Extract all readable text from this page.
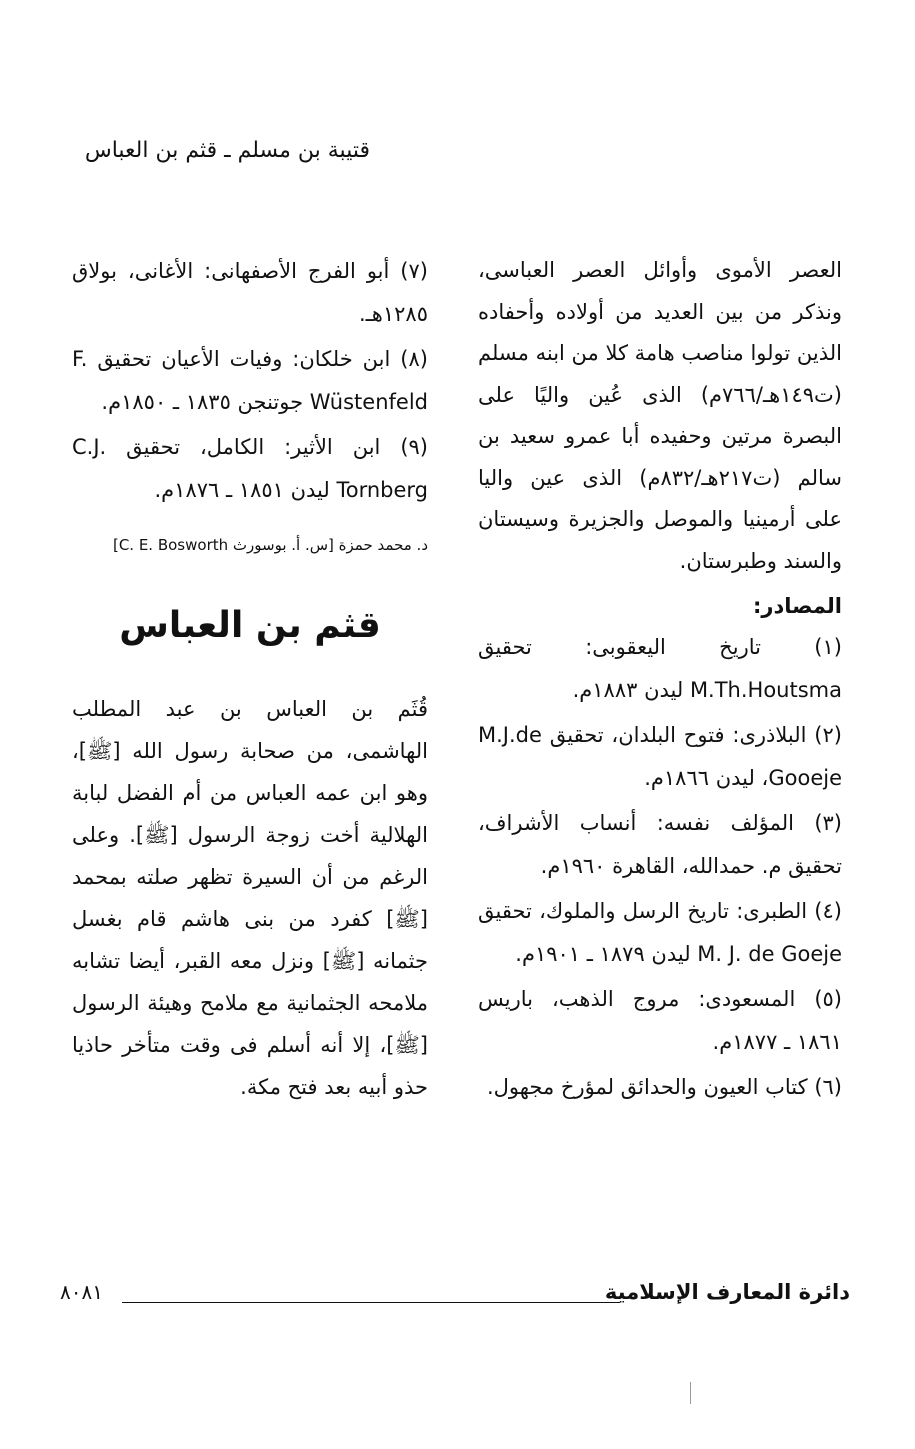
قتيبة بن مسلم ـ قثم بن العباس

العصر الأموى وأوائل العصر العباسى، ونذكر من بين العديد من أولاده وأحفاده الذين تولوا مناصب هامة كلا من ابنه مسلم (ت١٤٩هـ/٧٦٦م) الذى عُين واليًا على البصرة مرتين وحفيده أبا عمرو سعيد بن سالم (ت٢١٧هـ/٨٣٢م) الذى عين واليا على أرمينيا والموصل والجزيرة وسيستان والسند وطبرستان.

المصادر:

(١) تاريخ اليعقوبى: تحقيق M.Th.Houtsma ليدن ١٨٨٣م.

(٢) البلاذرى: فتوح البلدان، تحقيق M.J.de Gooeje، ليدن ١٨٦٦م.

(٣) المؤلف نفسه: أنساب الأشراف، تحقيق م. حمدالله، القاهرة ١٩٦٠م.

(٤) الطبرى: تاريخ الرسل والملوك، تحقيق M. J. de Goeje ليدن ١٨٧٩ ـ ١٩٠١م.

(٥) المسعودى: مروج الذهب، باريس ١٨٦١ ـ ١٨٧٧م.

(٦) كتاب العيون والحدائق لمؤرخ مجهول.

(٧) أبو الفرج الأصفهانى: الأغانى، بولاق ١٢٨٥هـ.

(٨) ابن خلكان: وفيات الأعيان تحقيق F. Wüstenfeld جوتنجن ١٨٣٥ ـ ١٨٥٠م.

(٩) ابن الأثير: الكامل، تحقيق C.J. Tornberg ليدن ١٨٥١ ـ ١٨٧٦م.

د. محمد حمزة [س. أ. بوسورث C. E. Bosworth]

قثم بن العباس

قُثَم بن العباس بن عبد المطلب الهاشمى، من صحابة رسول الله [ﷺ]، وهو ابن عمه العباس من أم الفضل لبابة الهلالية أخت زوجة الرسول [ﷺ]. وعلى الرغم من أن السيرة تظهر صلته بمحمد [ﷺ] كفرد من بنى هاشم قام بغسل جثمانه [ﷺ] ونزل معه القبر، أيضا تشابه ملامحه الجثمانية مع ملامح وهيئة الرسول [ﷺ]، إلا أنه أسلم فى وقت متأخر حاذيا حذو أبيه بعد فتح مكة.

دائرة المعارف الإسلامية
٨٠٨١
